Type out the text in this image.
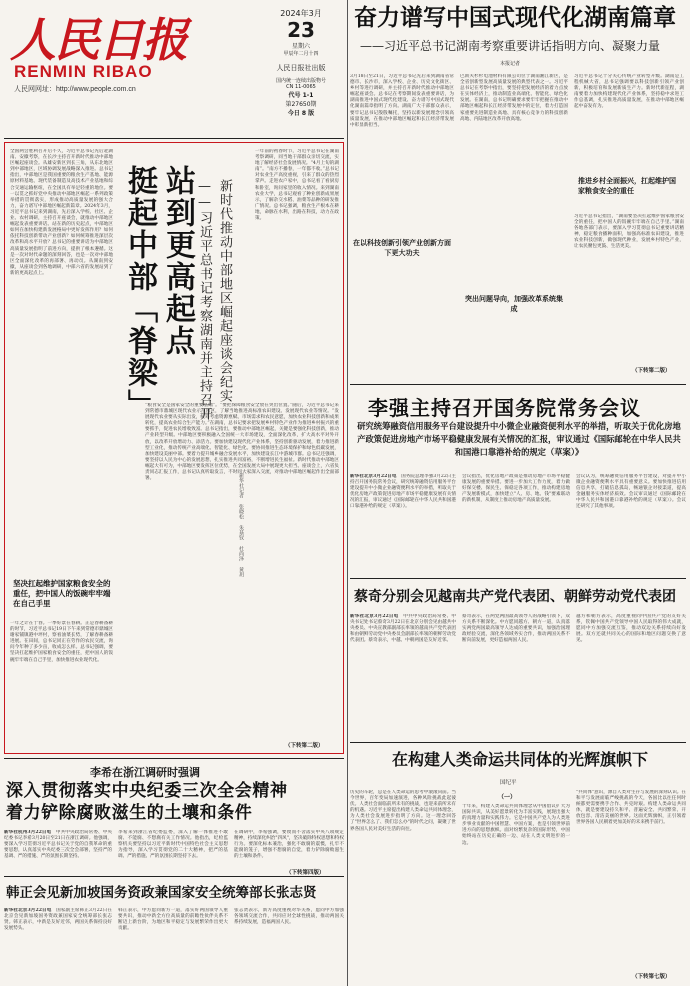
人民日报
RENMIN RIBAO
人民网网址：http://www.people.com.cn
2024年3月
23
星期六
甲辰年二月十四
人民日报社出版
国内统一连续出版物号
CN 11-0065
代号 1-1
第27650期
今日 8 版
全国两会胜利召开后不久，习近平总书记先后赴湖南、安徽考察，在长沙主持召开新时代推动中部地区崛起座谈会。从雄安新区到长三角，从东北地区到中部地区，区域协调发展战略深入推进。总书记指出，中部地区是我国重要的粮食生产基地、能源原材料基地、现代装备制造及高技术产业基地和综合交通运输枢纽，在全国具有举足轻重的地位。要一以贯之抓好党中央推动中部地区崛起一系列政策举措的贯彻落实，形成推动高质量发展的强大合力，奋力谱写中部地区崛起新篇章。2024年3月，习近平总书记来到湖南，先后深入学校、社区、企业、农村调研，主持召开座谈会，就推动中部地区崛起发表重要讲话。站在新的历史起点，中部地区如何在加快构建新发展格局中更好发挥作用？如何依托科技创新带动产业创新？如何统筹推进深层次改革和高水平开放？总书记的重要讲话为中部地区高质量发展指明了前进方向，提供了根本遵循。这是一次对时代命题的深刻回答，也是一次对中部地区全面深化改革的再部署、再动员。从湖南到安徽，从座谈会到各地调研，中部六省的发展站到了新的更高起点上。
坚决扛起维护国家粮食安全的重任，把中国人的饭碗牢牢端在自己手里
一年之计在于春。一季好景在春耕。正是春耕备耕的时节，习近平总书记19日下午来到常德市鼎城区谢家铺镇港中坪村，察看油菜长势，了解春耕备耕进展。在田间，总书记同正在劳作的农民交流，询问今年种了多少亩，收成怎么样。总书记强调，要坚决扛起维护国家粮食安全的重任，把中国人的饭碗牢牢端在自己手里，加快推进农业现代化。
站到更高起点
挺起中部「脊梁」	新时代推动中部地区崛起座谈会纪实
——习近平总书记考察湖南并主持召开
新华社记者 张晓松 朱基钗 杜尚泽 黄玥
一年前的初春时节，习近平总书记在湖南考察调研，同当地干部群众亲切交流，实地了解经济社会发展情况。“4月上旬的湖南”。“南方不播春，一年都不收。”总书记对农业生产高度重视，引来了群众的热烈掌声。走进农户家中，总书记看了看厨房和卧室，询问家里的收入情况。来到湖南农业大学，总书记观看了种业创新成果展示，了解杂交水稻、油菜等品种的研发推广情况。总书记强调，粮食生产根本在耕地，命脉在水利，出路在科技，动力在政策。
“粮食安全是国家安全的重要基础”。“要把保障粮食安全放在突出位置。”随后，习近平总书记来到常德市鼎城区现代农业示范园区，了解当地推进高标准农田建设、发展现代农业等情况。“发展现代农业要从实际出发，统筹考虑资源禀赋、市场需求和农民意愿，加快农业科技创新和成果转化，提高农业综合生产能力。”在湖南，总书记要求把发展乡村特色产业作为推进乡村振兴的重要抓手，促进农民增收致富。总书记指出，要推动中部地区崛起，关键是要强化科技创新，推动产业转型升级。中部地区要积极融入全国统一大市场建设，全面深化改革，扩大高水平对外开放，以改革开放增动力、添活力。要加快建设现代化产业体系，坚持创新驱动发展，着力推进新型工业化，推动传统产业高端化、智能化、绿色化。要协同推进生态环境保护和绿色低碳发展，加快建设美丽中部。要着力提升城乡融合发展水平，加快建设长江中游城市群。总书记还强调，要坚持以人民为中心的发展思想，扎实推进共同富裕，不断增进民生福祉。新时代推动中部地区崛起大有可为，中部地区要发挥区位优势，在全国发展大局中展现更大担当。座谈会上，六省负责同志汇报工作，总书记认真听取发言，不时同大家深入交流，对推动中部地区崛起作出全面部署。
（下转第二版）
奋力谱写中国式现代化湖南篇章
——习近平总书记湖南考察重要讲话指明方向、凝聚力量
本报记者
3月18日至21日，习近平总书记先后来到湖南省常德市、长沙市，深入学校、企业、历史文化街区、乡村等进行调研，并主持召开新时代推动中部地区崛起座谈会。总书记在考察期间发表重要讲话，为湖南推进中国式现代化建设、奋力谱写中国式现代化湖南篇章指明了方向。湖南广大干部群众表示，要牢记总书记殷殷嘱托，坚持以新发展理念引领高质量发展，在推动中部地区崛起和长江经济带发展中彰显新担当。
在以科技创新引领产业创新方面下更大功夫
巴斯夫杉杉电池材料有限公司位于湖南湘江新区，是全省创新型发展高质量发展的典型代表之一。习近平总书记在考察中指出，要坚持把发展经济的着力点放在实体经济上，推动制造业高端化、智能化、绿色化发展。在湖南，总书记明确要求要牢牢把握在推动中部地区崛起和长江经济带发展中的定位，着力打造国家重要先进制造业高地、具有核心竞争力的科技创新高地、内陆地区改革开放高地。
突出问题导向，加强改革系统集成
习近平总书记十分关心传统产业转型升级。湖南是工程机械大省，总书记强调要以科技创新引领产业创新，积极培育和发展新质生产力。新时代新征程，湖南要着力加快构建现代化产业体系，坚持稳中求进工作总基调，扎实推进高质量发展，在推动中部地区崛起中奋发有为。
推进乡村全面振兴，扛起维护国家粮食安全的重任
习近平总书记指出，“湖南要坚决扛起维护国家粮食安全的重任，把中国人的饭碗牢牢端在自己手里。”湖南各地各部门表示，要深入学习贯彻总书记重要讲话精神，稳定粮食播种面积，加强高标准农田建设，推进农业科技创新，做强现代种业，发展乡村特色产业，让农民腰包更鼓、生活更美。
（下转第二版）
李强主持召开国务院常务会议
研究统筹融资信用服务平台建设提升中小微企业融资便利水平的举措，听取关于优化房地产政策促进房地产市场平稳健康发展有关情况的汇报，审议通过《国际邮轮在中华人民共和国港口靠港补给的规定（草案）》
新华社北京3月22日电　国务院总理李强3月22日主持召开国务院常务会议，研究统筹融资信用服务平台建设提升中小微企业融资便利水平的举措，听取关于优化房地产政策促进房地产市场平稳健康发展有关情况的汇报，审议通过《国际邮轮在中华人民共和国港口靠港补给的规定（草案）》。
会议指出，优化房地产政策是推动房地产市场平稳健康发展的重要举措。要进一步加大工作力度，着力做好保交楼、保民生、保稳定各项工作，推动构建房地产发展新模式，加快建立"人、房、地、钱"要素联动的新机制，从制度上推动房地产高质量发展。
会议认为，统筹融资信用服务平台建设，对提升中小微企业融资便利水平具有重要意义。要加快推进信用信息共享，打破信息孤岛，畅通银企对接渠道，提高金融服务实体经济质效。会议审议通过《国际邮轮在中华人民共和国港口靠港补给的规定（草案）》。会议还研究了其他事项。
蔡奇分别会见越南共产党代表团、朝鲜劳动党代表团
新华社北京3月22日电　中共中央政治局常委、中央书记处书记蔡奇3月22日在北京分别会见由越共中央委员、中央宣教部副部长率领的越南共产党代表团和由朝鲜劳动党中央委员会副部长率领的朝鲜劳动党代表团。蔡奇表示，中越、中朝两国是友好近邻。
蔡奇表示，在两党两国最高领导人的战略引领下，双方关系不断深化。中方愿同越方、朝方一道，认真落实两党两国最高领导人达成的重要共识，加强治国理政经验交流，深化各领域务实合作，推动两国关系不断向前发展，更好造福两国人民。
越方和朝方表示，高度重视同中国共产党的友好关系，钦佩中国共产党领导中国人民取得的伟大成就，愿同中方加强交流互鉴，推动双边关系持续向好发展。双方还就共同关心的国际和地区问题交换了意见。
李希在浙江调研时强调
深入贯彻落实中央纪委三次全会精神
着力铲除腐败滋生的土壤和条件
新华社杭州3月22日电　中共中央政治局常委、中央纪委书记李希3月20日至21日在浙江调研。他强调，要深入学习贯彻习近平总书记关于党的自我革命的重要思想，认真落实中央纪委三次全会部署，坚持严的基调、严的措施、严的氛围长期坚持。
李希来到浙江省纪委监委，深入了解一体推进不敢腐、不能腐、不想腐有关工作情况。他指出，纪检监察机关要坚持以习近平新时代中国特色社会主义思想为指导，深入学习贯彻党的二十大精神，把严的基调、严的措施、严的氛围长期坚持下去。
在调研中，李希强调，要锲而不舍落实中央八项规定精神，持续深化纠治"四风"，坚决破除特权思想和特权行为。要深化标本兼治，强化不敢腐的震慑，扎牢不能腐的笼子，增强不想腐的自觉，着力铲除腐败滋生的土壤和条件。
（下转第四版）
韩正会见新加坡国务资政兼国家安全统筹部长张志贤
新华社北京3月22日电　国家副主席韩正3月22日在北京会见新加坡国务资政兼国家安全统筹部长张志贤。韩正表示，中新是友好近邻，两国关系保持良好发展势头。
韩正表示，中方愿同新方一道，落实好两国领导人重要共识，推动中新全方位高质量的前瞻性伙伴关系不断迈上新台阶，为地区和平稳定与发展繁荣作出更大贡献。
张志贤表示，新方高度重视对华关系，愿同中方加强各领域交流合作，共同应对全球性挑战，推动两国关系持续发展，造福两国人民。
在构建人类命运共同体的光辉旗帜下
国纪平
历史的车轮，总是在人类命运的思考中滚滚向前。当今世界，百年变局加速演进，各种风险挑战此起彼伏。人类社会面临前所未有的挑战，也迎来前所未有的机遇。习近平主席提出构建人类命运共同体理念，为人类社会发展进步指明了方向。这一理念回答了"世界怎么了、我们怎么办"的时代之问，凝聚了世界各国人民对美好生活的向往。
（一）
十年来，构建人类命运共同体理念从中国倡议扩大为国际共识，从美好愿景转化为丰富实践，展现出强大的真理力量和实践伟力。它是中国共产党人为人类进步事业贡献的中国智慧、中国方案，也是引领世界前进方向的思想旗帜。面对纷繁复杂的国际形势，中国始终站在历史正确的一边、站在人类文明进步的一边。
"共同体"意识，源自人类对生存与发展的深刻认识。在和平与发展面临严峻挑战的今天，各国比以往任何时候都更需要携手合作、共克时艰。构建人类命运共同体，就是要建设持久和平、普遍安全、共同繁荣、开放包容、清洁美丽的世界。这面光辉旗帜，正引领着世界各国人民朝着更加美好的未来携手前行。
（下转第七版）
